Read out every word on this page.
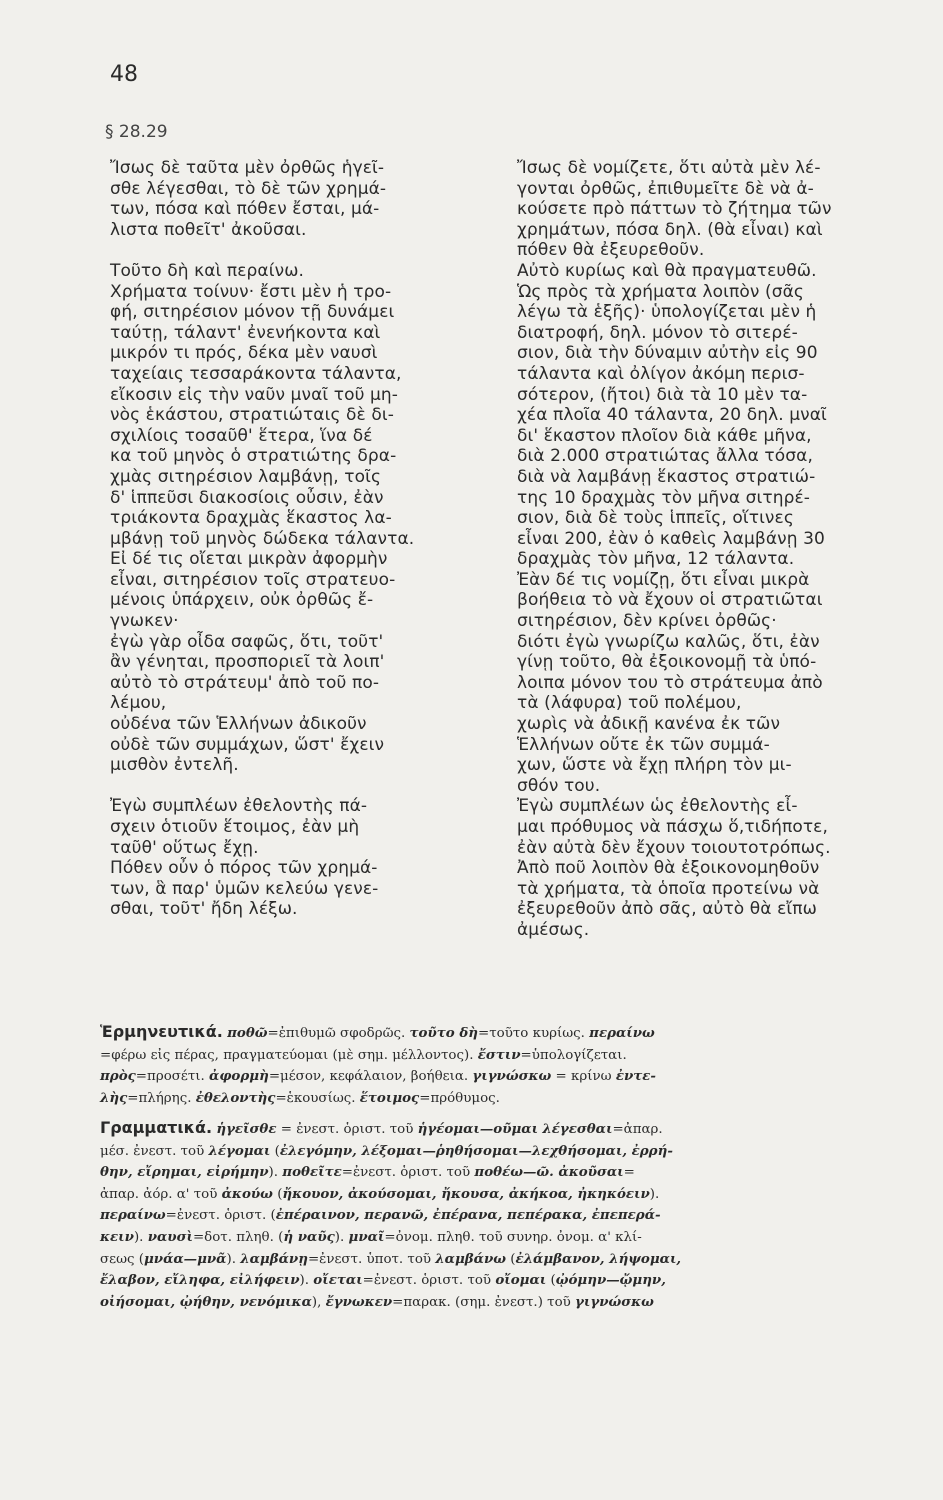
48
§ 28.29
Ἴσως δὲ ταῦτα μὲν ὀρθῶς ἡγεῖ-
σθε λέγεσθαι, τὸ δὲ τῶν χρημά-
των, πόσα καὶ πόθεν ἔσται, μά-
λιστα ποθεῖτ' ἀκοῦσαι.
Τοῦτο δὴ καὶ περαίνω.
Χρήματα τοίνυν· ἔστι μὲν ἡ τρο-
φή, σιτηρέσιον μόνον τῇ δυνάμει
ταύτῃ, τάλαντ' ἐνενήκοντα καὶ
μικρόν τι πρός, δέκα μὲν ναυσὶ
ταχείαις τεσσαράκοντα τάλαντα,
εἴκοσιν εἰς τὴν ναῦν μναῖ τοῦ μη-
νὸς ἑκάστου, στρατιώταις δὲ δι-
σχιλίοις τοσαῦθ' ἕτερα, ἵνα δέ
κα τοῦ μηνὸς ὁ στρατιώτης δρα-
χμὰς σιτηρέσιον λαμβάνῃ, τοῖς
δ' ἱππεῦσι διακοσίοις οὖσιν, ἐὰν
τριάκοντα δραχμὰς ἕκαστος λα-
μβάνῃ τοῦ μηνὸς δώδεκα τάλαντα.
Εἰ δέ τις οἴεται μικρὰν ἀφορμὴν
εἶναι, σιτηρέσιον τοῖς στρατευο-
μένοις ὑπάρχειν, οὐκ ὀρθῶς ἔ-
γνωκεν·
ἐγὼ γὰρ οἶδα σαφῶς, ὅτι, τοῦτ'
ἂν γένηται, προσποριεῖ τὰ λοιπ'
αὐτὸ τὸ στράτευμ' ἀπὸ τοῦ πο-
λέμου,
οὐδένα τῶν Ἑλλήνων ἀδικοῦν
οὐδὲ τῶν συμμάχων, ὥστ' ἔχειν
μισθὸν ἐντελῆ.
Ἐγὼ συμπλέων ἐθελοντὴς πά-
σχειν ὁτιοῦν ἕτοιμος, ἐὰν μὴ
ταῦθ' οὕτως ἔχῃ.
Πόθεν οὖν ὁ πόρος τῶν χρημά-
των, ἃ παρ' ὑμῶν κελεύω γενε-
σθαι, τοῦτ' ἤδη λέξω.
Ἴσως δὲ νομίζετε, ὅτι αὐτὰ μὲν λέ-
γονται ὀρθῶς, ἐπιθυμεῖτε δὲ νὰ ἀ-
κούσετε πρὸ πάττων τὸ ζήτημα τῶν
χρημάτων, πόσα δηλ. (θὰ εἶναι) καὶ
πόθεν θὰ ἐξευρεθοῦν.
Αὐτὸ κυρίως καὶ θὰ πραγματευθῶ.
Ὡς πρὸς τὰ χρήματα λοιπὸν (σᾶς
λέγω τὰ ἑξῆς)· ὑπολογίζεται μὲν ἡ
διατροφή, δηλ. μόνον τὸ σιτερέ-
σιον, διὰ τὴν δύναμιν αὐτὴν εἰς 90
τάλαντα καὶ ὀλίγον ἀκόμη περισ-
σότερον, (ἤτοι) διὰ τὰ 10 μὲν τα-
χέα πλοῖα 40 τάλαντα, 20 δηλ. μναῖ
δι' ἕκαστον πλοῖον διὰ κάθε μῆνα,
διὰ 2.000 στρατιώτας ἄλλα τόσα,
διὰ νὰ λαμβάνῃ ἕκαστος στρατιώ-
της 10 δραχμὰς τὸν μῆνα σιτηρέ-
σιον, διὰ δὲ τοὺς ἱππεῖς, οἵτινες
εἶναι 200, ἐὰν ὁ καθεὶς λαμβάνῃ 30
δραχμὰς τὸν μῆνα, 12 τάλαντα.
Ἐὰν δέ τις νομίζῃ, ὅτι εἶναι μικρὰ
βοήθεια τὸ νὰ ἔχουν οἱ στρατιῶται
σιτηρέσιον, δὲν κρίνει ὀρθῶς·
διότι ἐγὼ γνωρίζω καλῶς, ὅτι, ἐὰν
γίνῃ τοῦτο, θὰ ἐξοικονομῇ τὰ ὑπό-
λοιπα μόνον του τὸ στράτευμα ἀπὸ
τὰ (λάφυρα) τοῦ πολέμου,
χωρὶς νὰ ἀδικῇ κανένα ἐκ τῶν
Ἑλλήνων οὔτε ἐκ τῶν συμμά-
χων, ὥστε νὰ ἔχῃ πλήρη τὸν μι-
σθόν του.
Ἐγὼ συμπλέων ὡς ἐθελοντὴς εἶ-
μαι πρόθυμος νὰ πάσχω ὅ,τιδήποτε,
ἐὰν αὐτὰ δὲν ἔχουν τοιουτοτρόπως.
Ἀπὸ ποῦ λοιπὸν θὰ ἐξοικονομηθοῦν
τὰ χρήματα, τὰ ὁποῖα προτείνω νὰ
ἐξευρεθοῦν ἀπὸ σᾶς, αὐτὸ θὰ εἴπω
ἀμέσως.
Ἑρμηνευτικά. ποθῶ=ἐπιθυμῶ σφοδρῶς. τοῦτο δὴ=τοῦτο κυρίως. περαίνω
=φέρω εἰς πέρας, πραγματεύομαι (μὲ σημ. μέλλοντος). ἔστιν=ὑπολογίζεται.
πρὸς=προσέτι. ἀφορμὴ=μέσον, κεφάλαιον, βοήθεια. γιγνώσκω = κρίνω ἐντε-
λὴς=πλήρης. ἐθελοντὴς=ἑκουσίως. ἕτοιμος=πρόθυμος.
Γραμματικά. ἡγεῖσθε = ἐνεστ. ὁριστ. τοῦ ἡγέομαι—οῦμαι λέγεσθαι=ἀπαρ.
μέσ. ἐνεστ. τοῦ λέγομαι (ἐλεγόμην, λέξομαι—ῥηθήσομαι—λεχθήσομαι, ἐρρή-
θην, εἴρημαι, εἰρήμην). ποθεῖτε=ἐνεστ. ὁριστ. τοῦ ποθέω—ῶ. ἀκοῦσαι=
ἀπαρ. ἀόρ. α' τοῦ ἀκούω (ἤκουον, ἀκούσομαι, ἤκουσα, ἀκήκοα, ἠκηκόειν).
περαίνω=ἐνεστ. ὁριστ. (ἐπέραινον, περανῶ, ἐπέρανα, πεπέρακα, ἐπεπερά-
κειν). ναυσὶ=δοτ. πληθ. (ἡ ναῦς). μναῖ=ὀνομ. πληθ. τοῦ συνηρ. ὀνομ. α' κλί-
σεως (μνάα—μνᾶ). λαμβάνῃ=ἐνεστ. ὑποτ. τοῦ λαμβάνω (ἐλάμβανον, λήψομαι,
ἔλαβον, εἴληφα, εἰλήφειν). οἴεται=ἐνεστ. ὁριστ. τοῦ οἴομαι (ᾠόμην—ᾤμην,
οἰήσομαι, ᾠήθην, νενόμικα), ἔγνωκεν=παρακ. (σημ. ἐνεστ.) τοῦ γιγνώσκω
